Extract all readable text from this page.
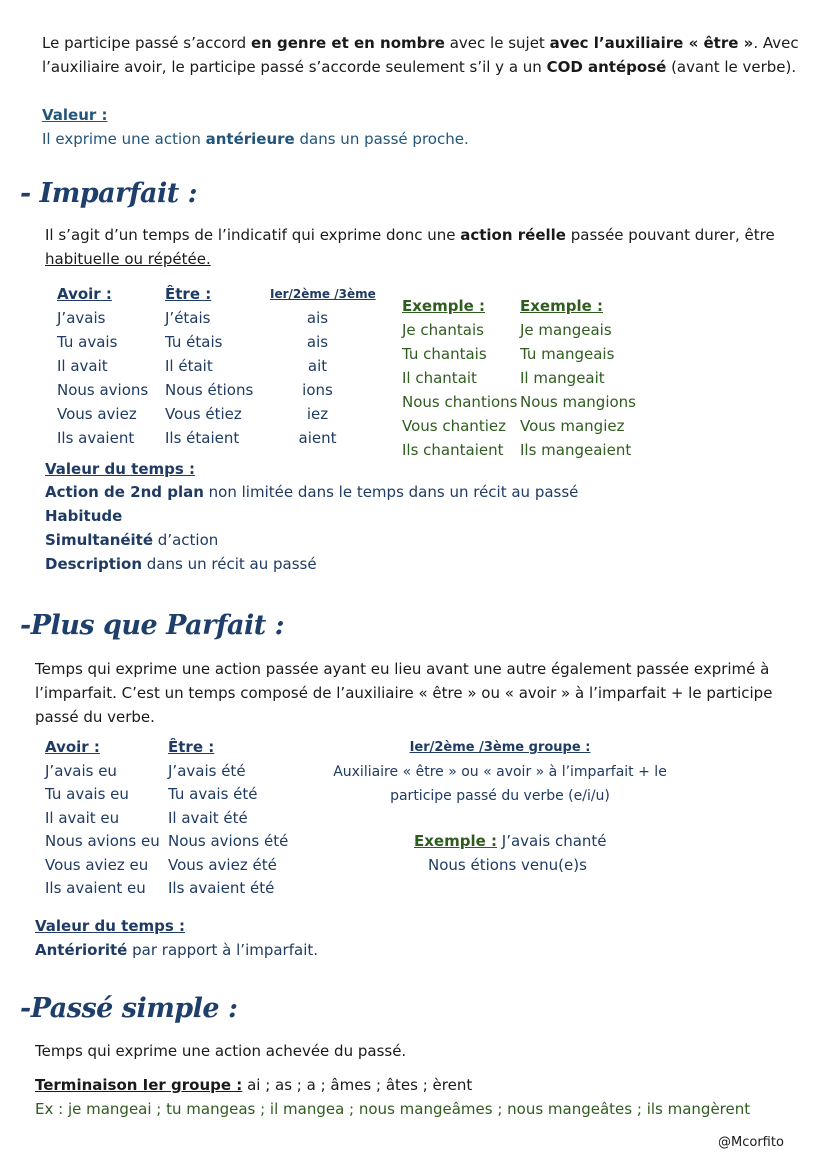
Le participe passé s’accord en genre et en nombre avec le sujet avec l’auxiliaire « être ». Avec
l’auxiliaire avoir, le participe passé s’accorde seulement s’il y a un COD antéposé (avant le verbe).
Valeur :
Il exprime une action antérieure dans un passé proche.
- Imparfait :
Il s’agit d’un temps de l’indicatif qui exprime donc une action réelle passée pouvant durer, être
habituelle ou répétée.
Avoir :
J’avais
Tu avais
Il avait
Nous avions
Vous aviez
Ils avaient
Être :
J’étais
Tu étais
Il était
Nous étions
Vous étiez
Ils étaient
Ier/2ème /3ème
ais
ais
ait
ions
iez
aient
Exemple :
Je chantais
Tu chantais
Il chantait
Nous chantions
Vous chantiez
Ils chantaient
Exemple :
Je mangeais
Tu mangeais
Il mangeait
Nous mangions
Vous mangiez
Ils mangeaient
Valeur du temps :
Action de 2nd plan non limitée dans le temps dans un récit au passé
Habitude
Simultanéité d’action
Description dans un récit au passé
-Plus que Parfait :
Temps qui exprime une action passée ayant eu lieu avant une autre également passée exprimé à
l’imparfait. C’est un temps composé de l’auxiliaire « être » ou « avoir » à l’imparfait + le participe
passé du verbe.
Avoir :
J’avais eu
Tu avais eu
Il avait eu
Nous avions eu
Vous aviez eu
Ils avaient eu
Être :
J’avais été
Tu avais été
Il avait été
Nous avions été
Vous aviez été
Ils avaient été
Ier/2ème /3ème groupe :
Auxiliaire « être » ou « avoir » à l’imparfait + le
participe passé du verbe (e/i/u)
Exemple : J’avais chanté
Nous étions venu(e)s
Valeur du temps :
Antériorité par rapport à l’imparfait.
-Passé simple :
Temps qui exprime une action achevée du passé.
Terminaison Ier groupe : ai ; as ; a ; âmes ; âtes ; èrent
Ex : je mangeai ; tu mangeas ; il mangea ; nous mangeâmes ; nous mangeâtes ; ils mangèrent
@Mcorfito
